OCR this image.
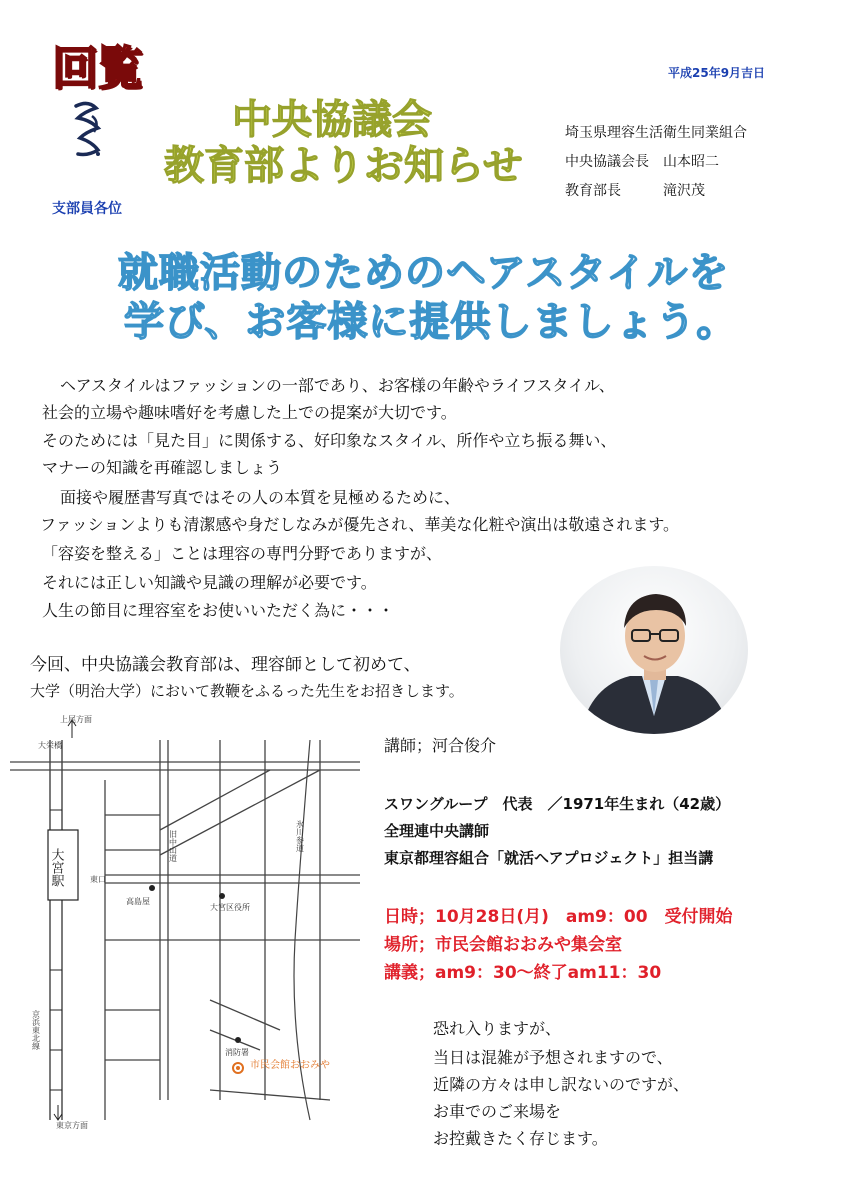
回覧	平成25年9月吉日
中央協議会
教育部よりお知らせ
埼玉県理容生活衛生同業組合
中央協議会長　山本昭二
教育部長　　　滝沢茂
支部員各位
就職活動のためのヘアスタイルを
学び、お客様に提供しましょう。
ヘアスタイルはファッションの一部であり、お客様の年齢やライフスタイル、
社会的立場や趣味嗜好を考慮した上での提案が大切です。
そのためには「見た目」に関係する、好印象なスタイル、所作や立ち振る舞い、
マナーの知識を再確認しましょう
面接や履歴書写真ではその人の本質を見極めるために、
ファッションよりも清潔感や身だしなみが優先され、華美な化粧や演出は敬遠されます。
「容姿を整える」ことは理容の専門分野でありますが、
それには正しい知識や見識の理解が必要です。
人生の節目に理容室をお使いいただく為に・・・
今回、中央協議会教育部は、理容師として初めて、
大学（明治大学）において教鞭をふるった先生をお招きします。
上尾方面
大栄橋
大宮駅	東口
旧中山道	氷川参道
高島屋
大宮区役所
消防署
市民会館おおみや
京浜東北線
東京方面
講師；河合俊介
スワングループ　代表　／1971年生まれ（42歳）
全理連中央講師
東京都理容組合「就活ヘアプロジェクト」担当講
日時；10月28日(月)　am9：00　受付開始
場所；市民会館おおみや集会室
講義；am9：30〜終了am11：30
恐れ入りますが、
当日は混雑が予想されますので、
近隣の方々は申し訳ないのですが、
お車でのご来場を
お控戴きたく存じます。
